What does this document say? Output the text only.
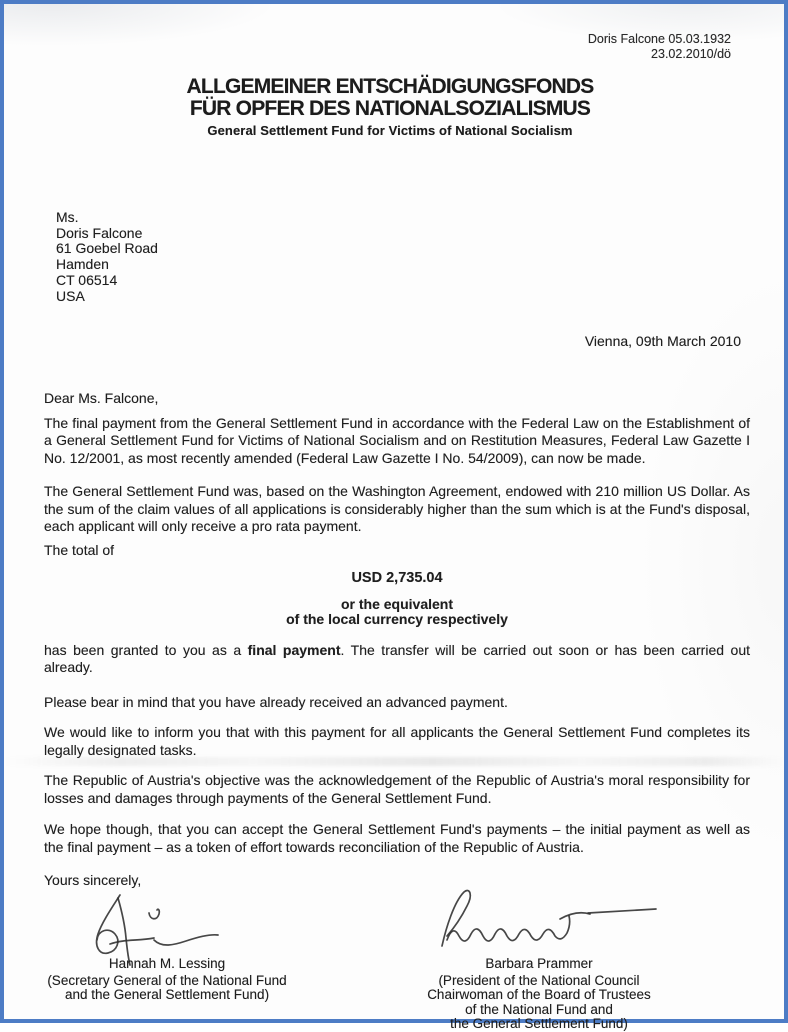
Doris Falcone 05.03.1932
23.02.2010/dö
ALLGEMEINER ENTSCHÄDIGUNGSFONDS
FÜR OPFER DES NATIONALSOZIALISMUS
General Settlement Fund for Victims of National Socialism
Ms.
Doris Falcone
61 Goebel Road
Hamden
CT 06514
USA
Vienna, 09th March 2010

Dear Ms. Falcone,

The final payment from the General Settlement Fund in accordance with the Federal Law on the Establishment of a General Settlement Fund for Victims of National Socialism and on Restitution Measures, Federal Law Gazette I No. 12/2001, as most recently amended (Federal Law Gazette I No. 54/2009), can now be made.

The General Settlement Fund was, based on the Washington Agreement, endowed with 210 million US Dollar. As the sum of the claim values of all applications is considerably higher than the sum which is at the Fund's disposal, each applicant will only receive a pro rata payment.

The total of

USD 2,735.04
or the equivalent
of the local currency respectively

has been granted to you as a final payment. The transfer will be carried out soon or has been carried out already.

Please bear in mind that you have already received an advanced payment.

We would like to inform you that with this payment for all applicants the General Settlement Fund completes its legally designated tasks.

The Republic of Austria's objective was the acknowledgement of the Republic of Austria's moral responsibility for losses and damages through payments of the General Settlement Fund.

We hope though, that you can accept the General Settlement Fund's payments – the initial payment as well as the final payment – as a token of effort towards reconciliation of the Republic of Austria.

Yours sincerely,

Hannah M. Lessing
(Secretary General of the National Fund
and the General Settlement Fund)
Barbara Prammer
(President of the National Council
Chairwoman of the Board of Trustees
of the National Fund and
the General Settlement Fund)
